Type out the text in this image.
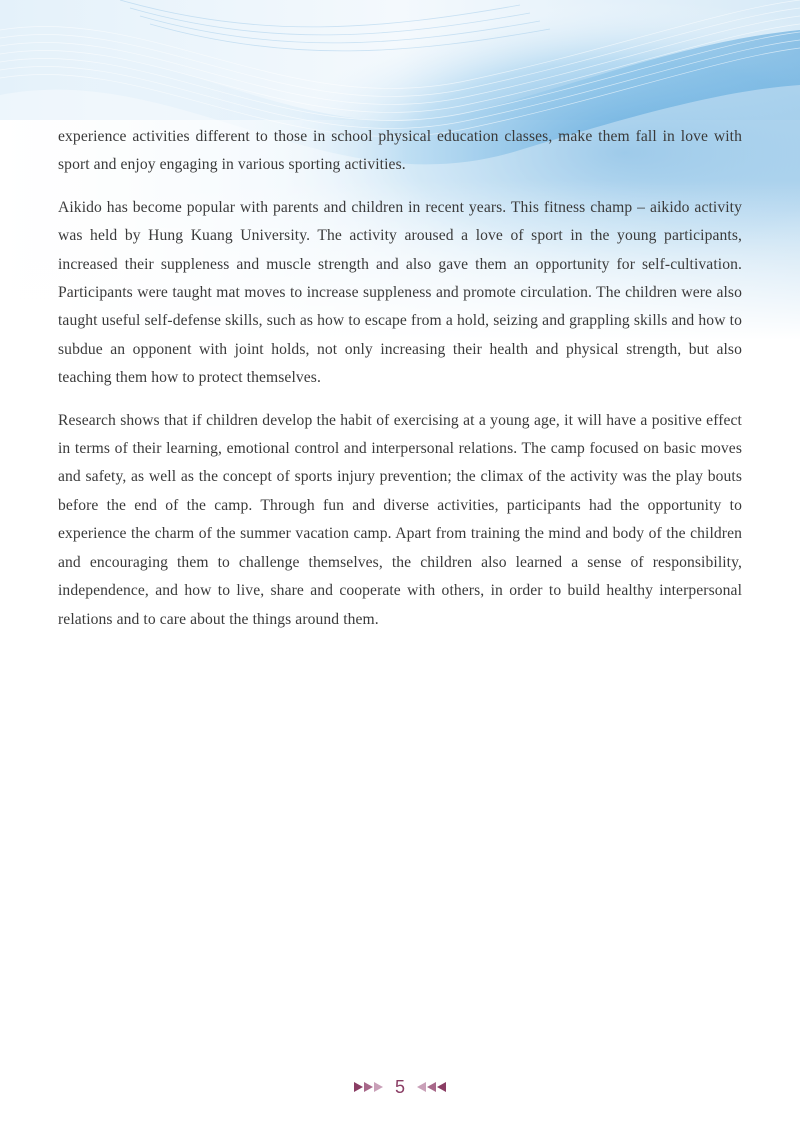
experience activities different to those in school physical education classes, make them fall in love with sport and enjoy engaging in various sporting activities.

Aikido has become popular with parents and children in recent years. This fitness champ – aikido activity was held by Hung Kuang University. The activity aroused a love of sport in the young participants, increased their suppleness and muscle strength and also gave them an opportunity for self-cultivation. Participants were taught mat moves to increase suppleness and promote circulation. The children were also taught useful self-defense skills, such as how to escape from a hold, seizing and grappling skills and how to subdue an opponent with joint holds, not only increasing their health and physical strength, but also teaching them how to protect themselves.

Research shows that if children develop the habit of exercising at a young age, it will have a positive effect in terms of their learning, emotional control and interpersonal relations. The camp focused on basic moves and safety, as well as the concept of sports injury prevention; the climax of the activity was the play bouts before the end of the camp. Through fun and diverse activities, participants had the opportunity to experience the charm of the summer vacation camp. Apart from training the mind and body of the children and encouraging them to challenge themselves, the children also learned a sense of responsibility, independence, and how to live, share and cooperate with others, in order to build healthy interpersonal relations and to care about the things around them.

5
